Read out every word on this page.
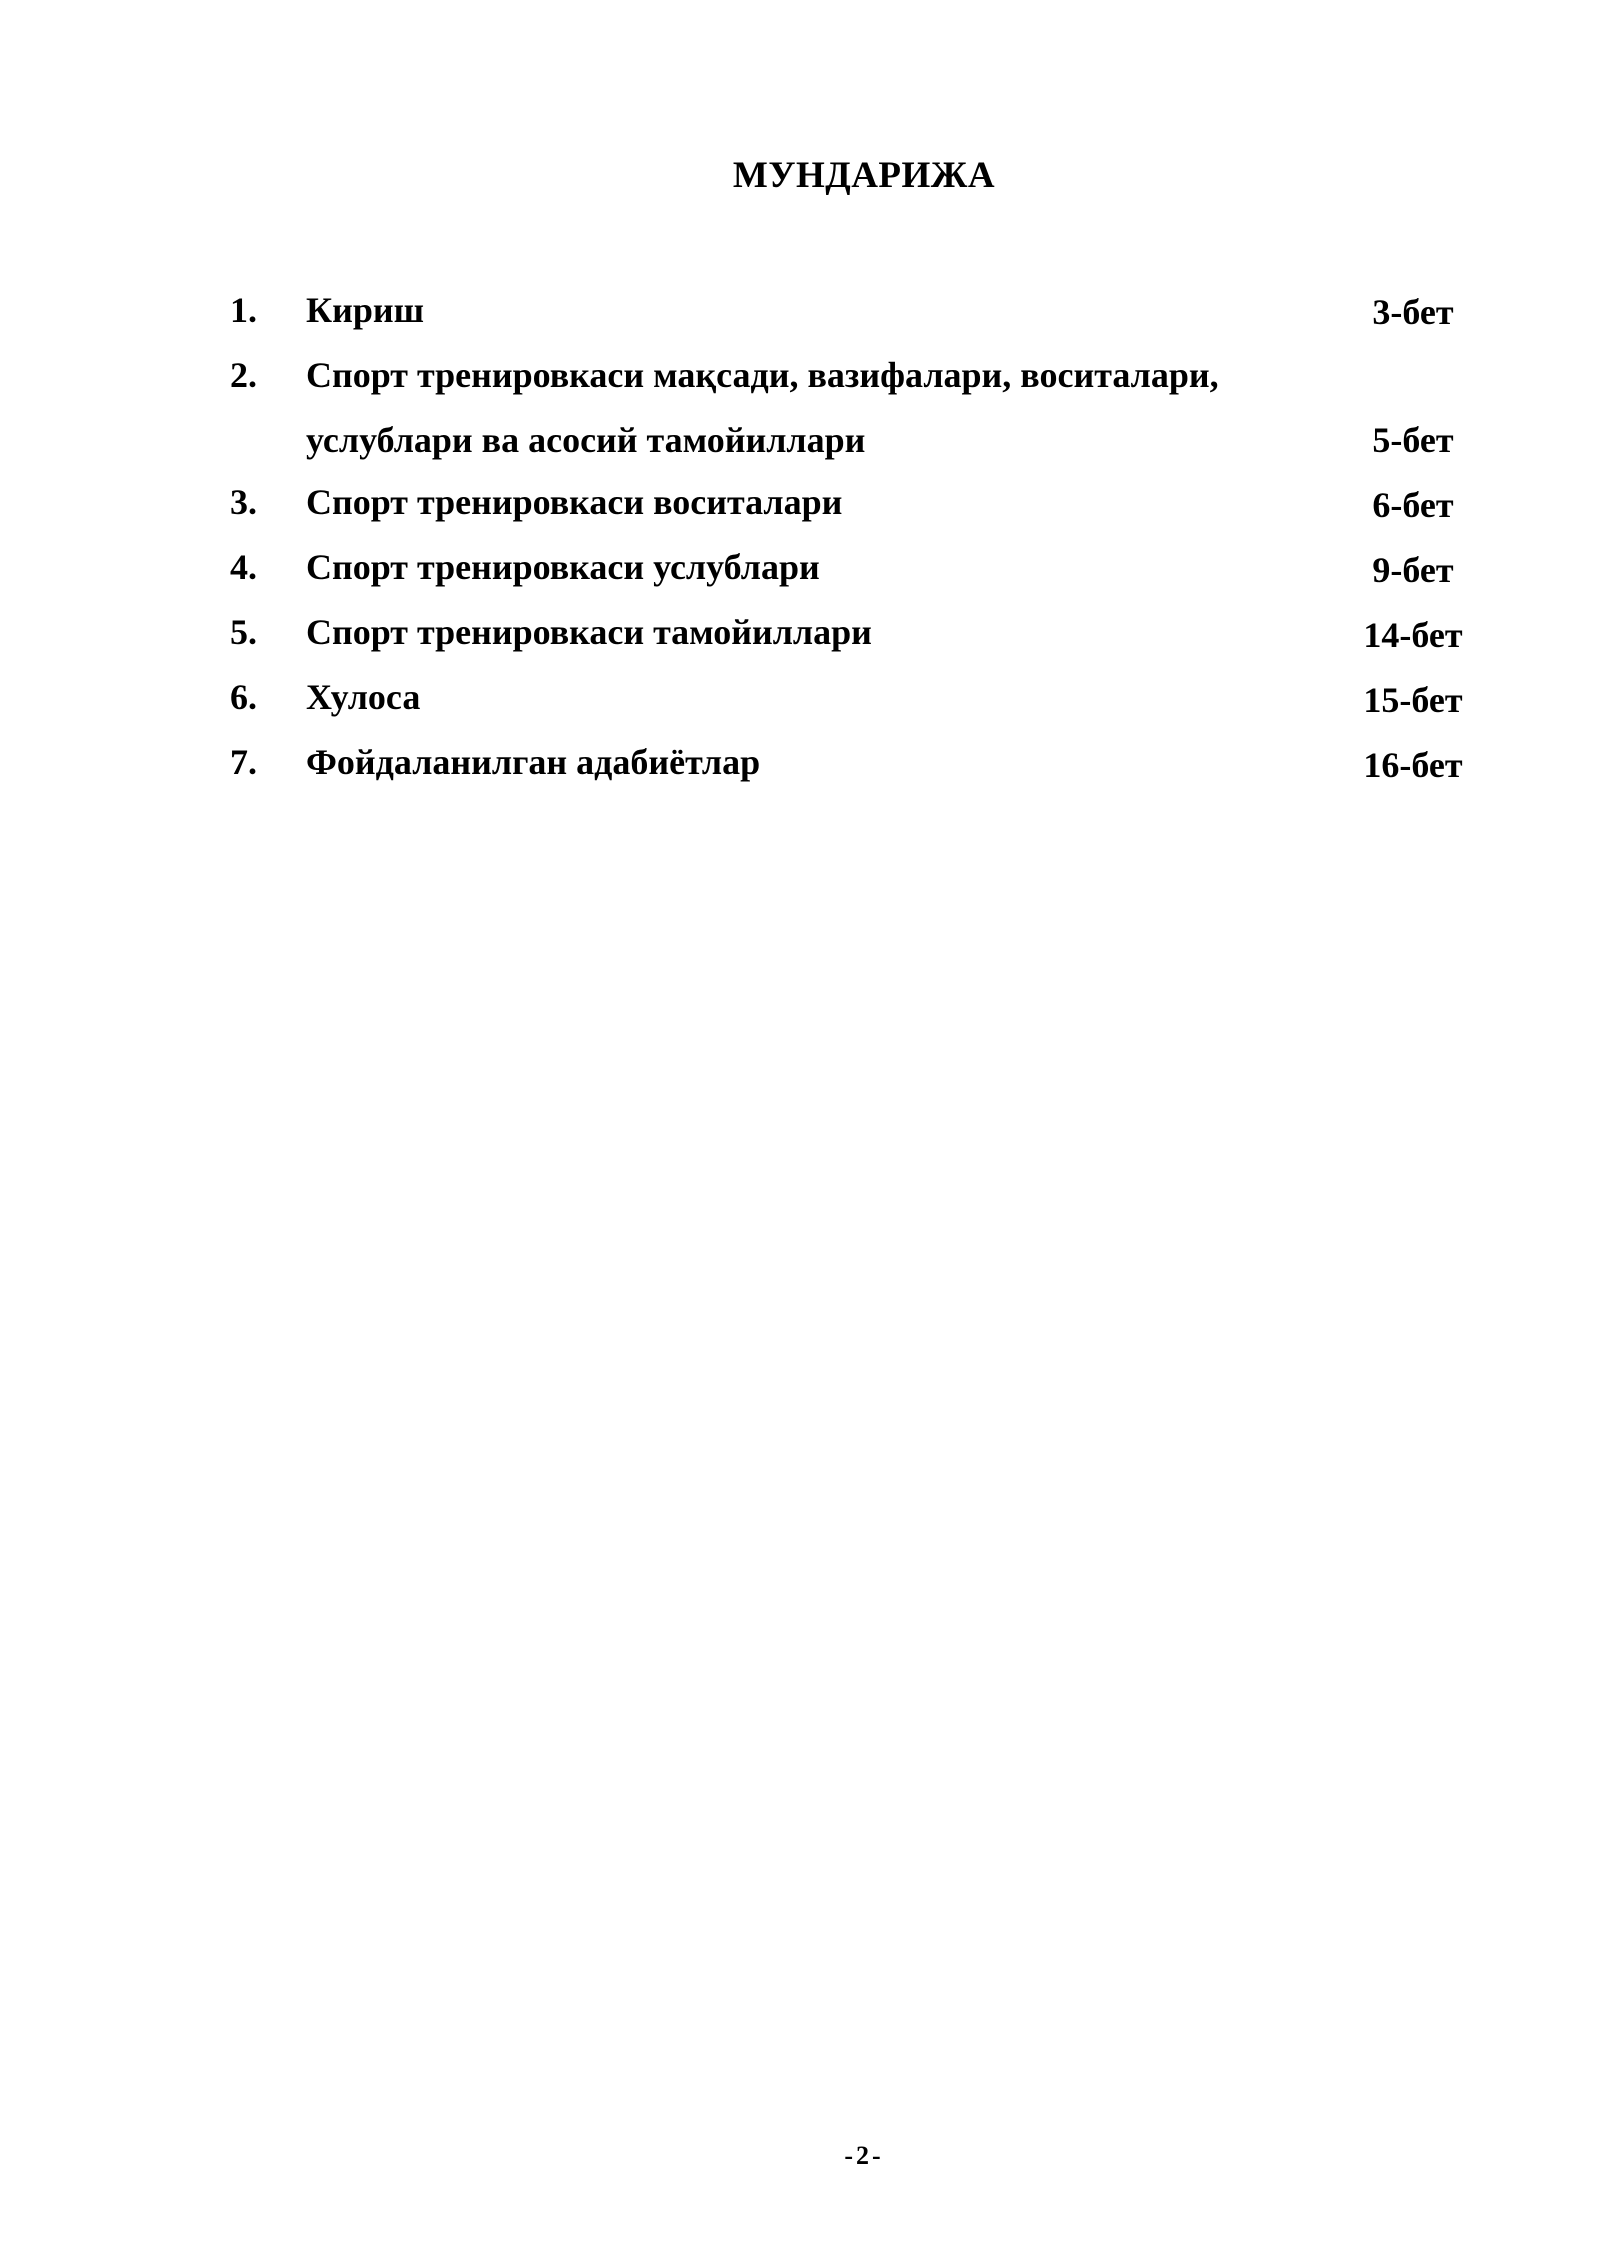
МУНДАРИЖА
1. Кириш	3-бет
2. Спорт тренировкаси мақсади, вазифалари, воситалари,
услублари ва асосий тамойиллари	5-бет
3. Спорт тренировкаси воситалари	6-бет
4. Спорт тренировкаси услублари	9-бет
5. Спорт тренировкаси тамойиллари	14-бет
6. Хулоса	15-бет
7. Фойдаланилган адабиётлар	16-бет
-2-
